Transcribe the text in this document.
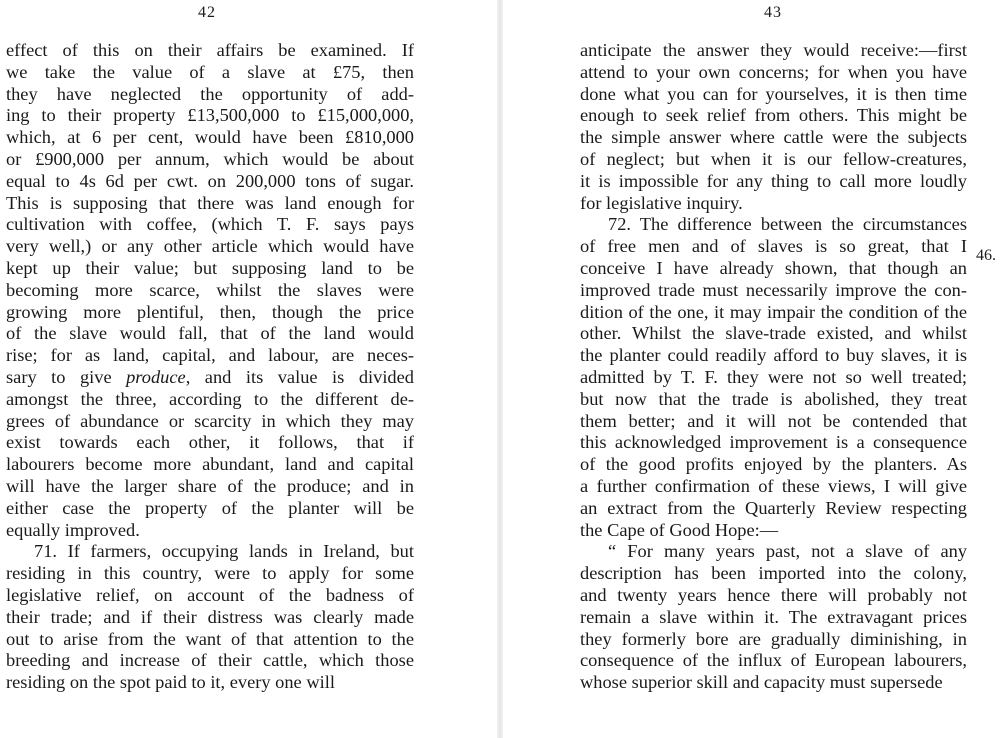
42	43
effect of this on their affairs be examined. If
we take the value of a slave at £75, then
they have neglected the opportunity of add-
ing to their property £13,500,000 to £15,000,000,
which, at 6 per cent, would have been £810,000
or £900,000 per annum, which would be about
equal to 4s 6d per cwt. on 200,000 tons of sugar.
This is supposing that there was land enough for
cultivation with coffee, (which T. F. says pays
very well,) or any other article which would have
kept up their value; but supposing land to be
becoming more scarce, whilst the slaves were
growing more plentiful, then, though the price
of the slave would fall, that of the land would
rise; for as land, capital, and labour, are neces-
sary to give produce, and its value is divided
amongst the three, according to the different de-
grees of abundance or scarcity in which they may
exist towards each other, it follows, that if
labourers become more abundant, land and capital
will have the larger share of the produce; and in
either case the property of the planter will be
equally improved.
71. If farmers, occupying lands in Ireland, but
residing in this country, were to apply for some
legislative relief, on account of the badness of
their trade; and if their distress was clearly made
out to arise from the want of that attention to the
breeding and increase of their cattle, which those
residing on the spot paid to it, every one will
anticipate the answer they would receive:—first
attend to your own concerns; for when you have
done what you can for yourselves, it is then time
enough to seek relief from others. This might be
the simple answer where cattle were the subjects
of neglect; but when it is our fellow-creatures,
it is impossible for any thing to call more loudly
for legislative inquiry.
72. The difference between the circumstances
of free men and of slaves is so great, that I
conceive I have already shown, that though an
improved trade must necessarily improve the con-
dition of the one, it may impair the condition of the
other. Whilst the slave-trade existed, and whilst
the planter could readily afford to buy slaves, it is
admitted by T. F. they were not so well treated;
but now that the trade is abolished, they treat
them better; and it will not be contended that
this acknowledged improvement is a consequence
of the good profits enjoyed by the planters. As
a further confirmation of these views, I will give
an extract from the Quarterly Review respecting
the Cape of Good Hope:—
“ For many years past, not a slave of any
description has been imported into the colony,
and twenty years hence there will probably not
remain a slave within it. The extravagant prices
they formerly bore are gradually diminishing, in
consequence of the influx of European labourers,
whose superior skill and capacity must supersede
46.
